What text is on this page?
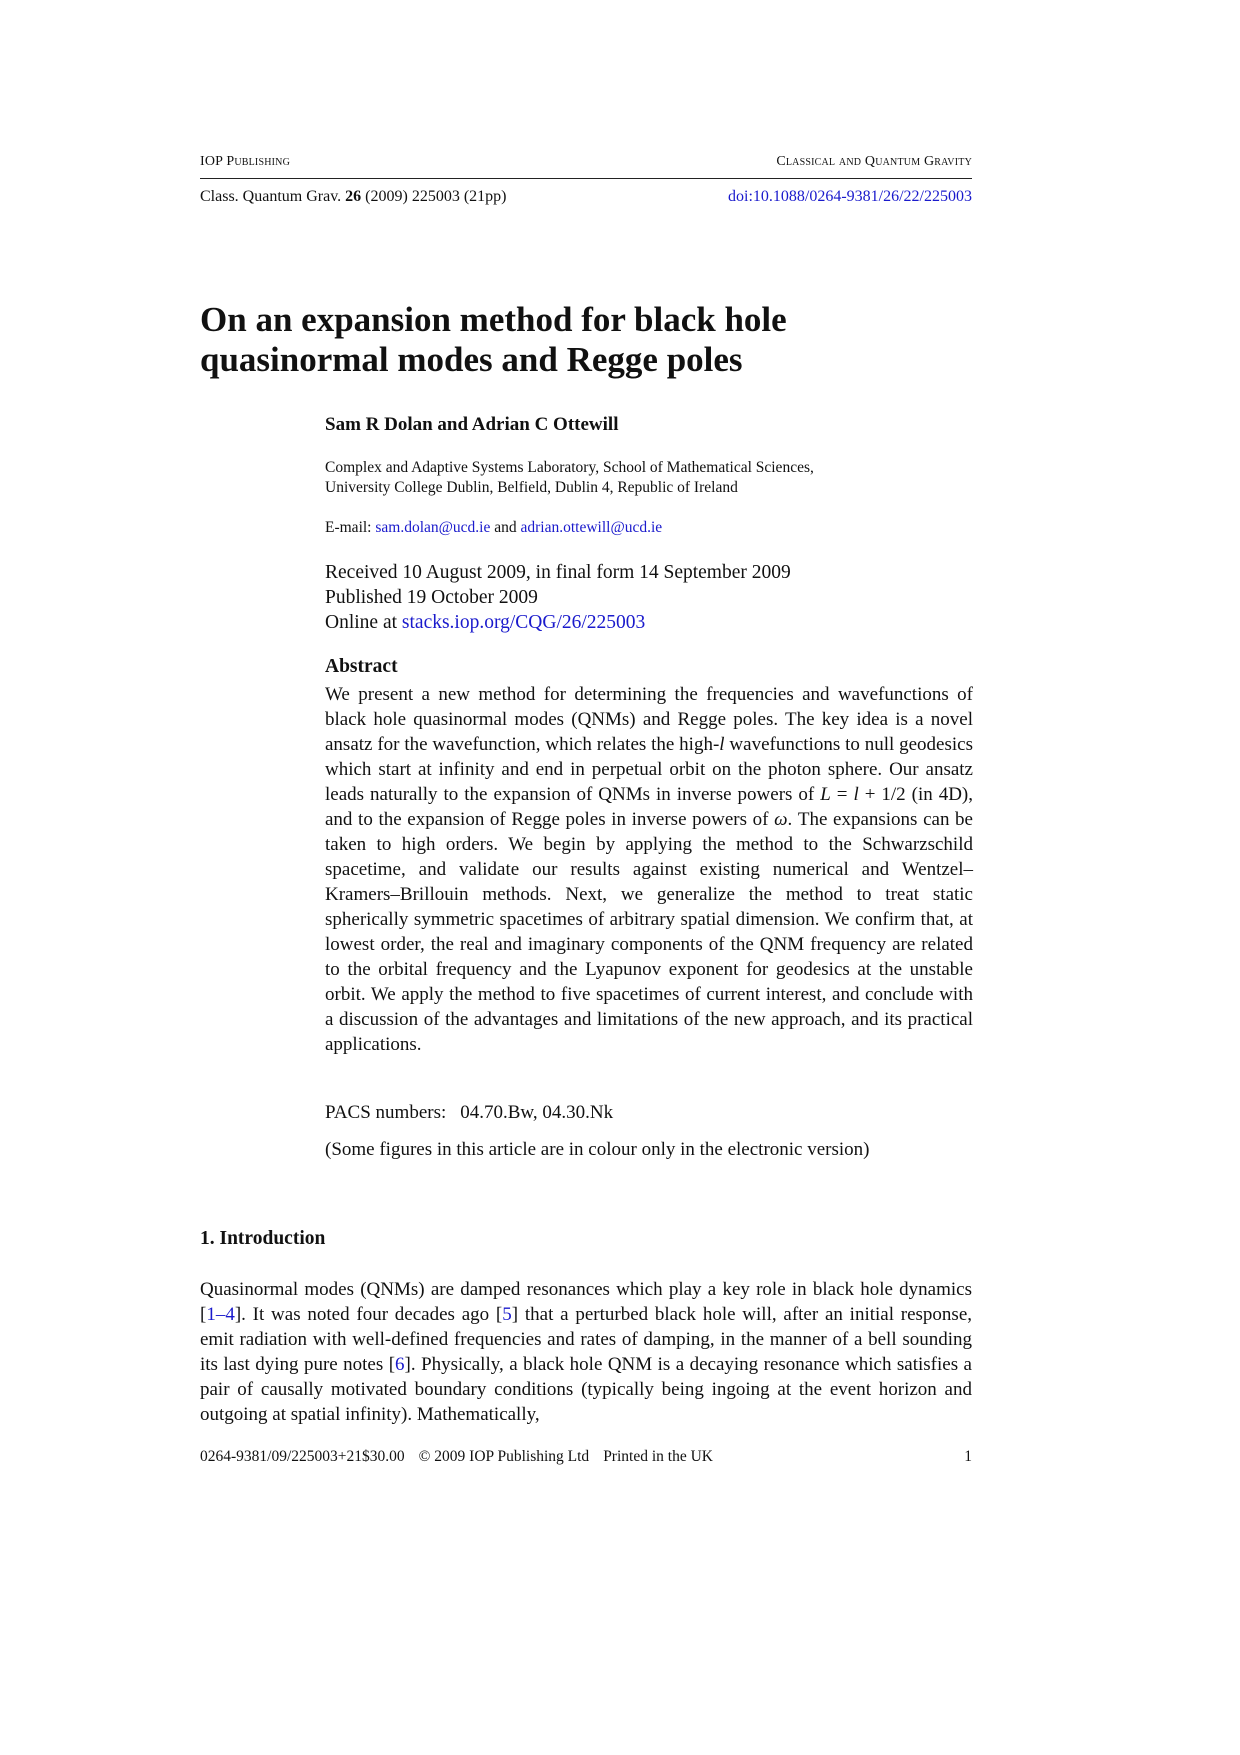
IOP Publishing	Classical and Quantum Gravity
Class. Quantum Grav. 26 (2009) 225003 (21pp)	doi:10.1088/0264-9381/26/22/225003
On an expansion method for black hole quasinormal modes and Regge poles
Sam R Dolan and Adrian C Ottewill
Complex and Adaptive Systems Laboratory, School of Mathematical Sciences,
University College Dublin, Belfield, Dublin 4, Republic of Ireland
E-mail: sam.dolan@ucd.ie and adrian.ottewill@ucd.ie
Received 10 August 2009, in final form 14 September 2009
Published 19 October 2009
Online at stacks.iop.org/CQG/26/225003
Abstract
We present a new method for determining the frequencies and wavefunctions of black hole quasinormal modes (QNMs) and Regge poles. The key idea is a novel ansatz for the wavefunction, which relates the high-l wavefunctions to null geodesics which start at infinity and end in perpetual orbit on the photon sphere. Our ansatz leads naturally to the expansion of QNMs in inverse powers of L = l + 1/2 (in 4D), and to the expansion of Regge poles in inverse powers of ω. The expansions can be taken to high orders. We begin by applying the method to the Schwarzschild spacetime, and validate our results against existing numerical and Wentzel–Kramers–Brillouin methods. Next, we generalize the method to treat static spherically symmetric spacetimes of arbitrary spatial dimension. We confirm that, at lowest order, the real and imaginary components of the QNM frequency are related to the orbital frequency and the Lyapunov exponent for geodesics at the unstable orbit. We apply the method to five spacetimes of current interest, and conclude with a discussion of the advantages and limitations of the new approach, and its practical applications.
PACS numbers: 04.70.Bw, 04.30.Nk
(Some figures in this article are in colour only in the electronic version)
1. Introduction
Quasinormal modes (QNMs) are damped resonances which play a key role in black hole dynamics [1–4]. It was noted four decades ago [5] that a perturbed black hole will, after an initial response, emit radiation with well-defined frequencies and rates of damping, in the manner of a bell sounding its last dying pure notes [6]. Physically, a black hole QNM is a decaying resonance which satisfies a pair of causally motivated boundary conditions (typically being ingoing at the event horizon and outgoing at spatial infinity). Mathematically,
0264-9381/09/225003+21$30.00 © 2009 IOP Publishing Ltd Printed in the UK	1
